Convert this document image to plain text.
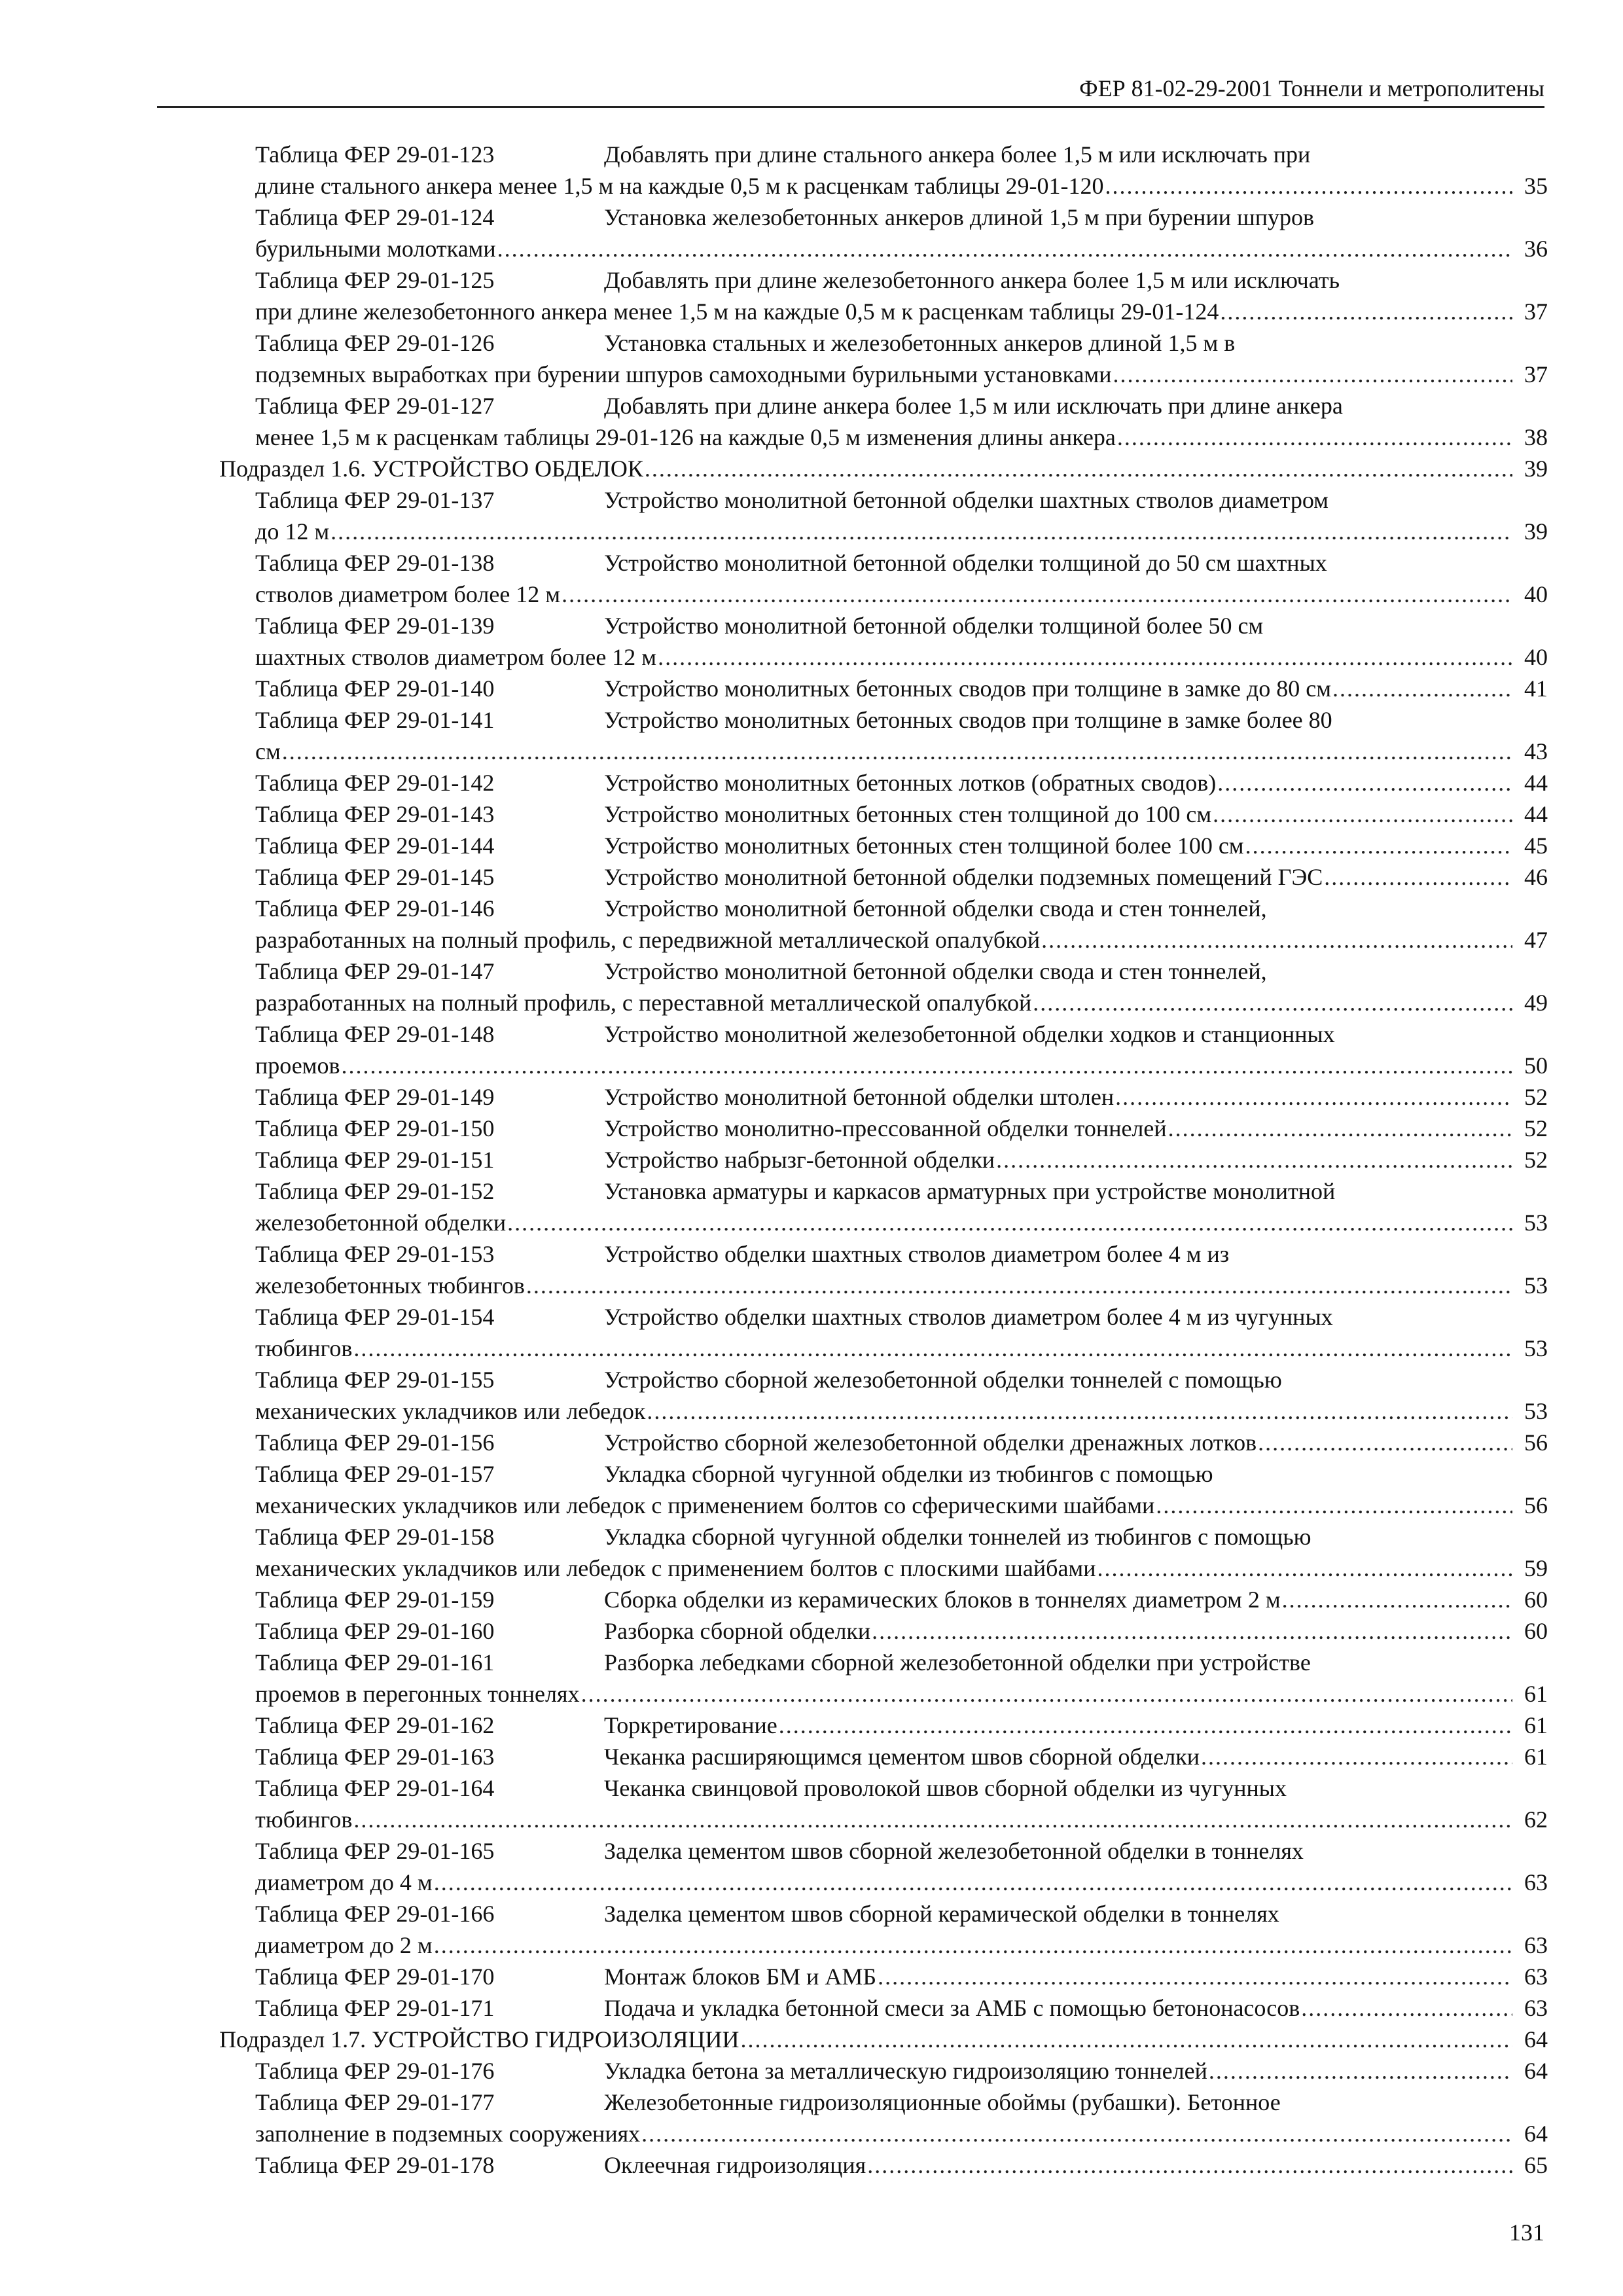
ФЕР 81-02-29-2001 Тоннели и метрополитены
Таблица ФЕР 29-01-123	Добавлять при длине стального анкера более 1,5 м или исключать при
длине стального анкера менее 1,5 м на каждые 0,5 м к расценкам таблицы 29-01-120 .....	35
Таблица ФЕР 29-01-124	Установка железобетонных анкеров длиной 1,5 м при бурении шпуров
бурильными молотками .....	36
Таблица ФЕР 29-01-125	Добавлять при длине железобетонного анкера более 1,5 м или исключать
при длине железобетонного анкера менее 1,5 м на каждые 0,5 м к расценкам таблицы 29-01-124 .....	37
Таблица ФЕР 29-01-126	Установка стальных и железобетонных анкеров длиной 1,5 м в
подземных выработках при бурении шпуров самоходными бурильными установками .....	37
Таблица ФЕР 29-01-127	Добавлять при длине анкера более 1,5 м или исключать при длине анкера
менее 1,5 м к расценкам таблицы 29-01-126 на каждые 0,5 м изменения длины анкера .....	38
Подраздел 1.6. УСТРОЙСТВО ОБДЕЛОК .....	39
Таблица ФЕР 29-01-137	Устройство монолитной бетонной обделки шахтных стволов диаметром
до 12 м .....	39
Таблица ФЕР 29-01-138	Устройство монолитной бетонной обделки толщиной до 50 см шахтных
стволов диаметром более 12 м .....	40
Таблица ФЕР 29-01-139	Устройство монолитной бетонной обделки толщиной более 50 см
шахтных стволов диаметром более 12 м .....	40
Таблица ФЕР 29-01-140	Устройство монолитных бетонных сводов при толщине в замке до 80 см .....	41
Таблица ФЕР 29-01-141	Устройство монолитных бетонных сводов при толщине в замке более 80
см .....	43
Таблица ФЕР 29-01-142	Устройство монолитных бетонных лотков (обратных сводов) .....	44
Таблица ФЕР 29-01-143	Устройство монолитных бетонных стен толщиной до 100 см .....	44
Таблица ФЕР 29-01-144	Устройство монолитных бетонных стен толщиной более 100 см .....	45
Таблица ФЕР 29-01-145	Устройство монолитной бетонной обделки подземных помещений ГЭС .....	46
Таблица ФЕР 29-01-146	Устройство монолитной бетонной обделки свода и стен тоннелей,
разработанных на полный профиль, с передвижной металлической опалубкой .....	47
Таблица ФЕР 29-01-147	Устройство монолитной бетонной обделки свода и стен тоннелей,
разработанных на полный профиль, с переставной металлической опалубкой .....	49
Таблица ФЕР 29-01-148	Устройство монолитной железобетонной обделки ходков и станционных
проемов .....	50
Таблица ФЕР 29-01-149	Устройство монолитной бетонной обделки штолен .....	52
Таблица ФЕР 29-01-150	Устройство монолитно-прессованной обделки тоннелей .....	52
Таблица ФЕР 29-01-151	Устройство набрызг-бетонной обделки .....	52
Таблица ФЕР 29-01-152	Установка арматуры и каркасов арматурных при устройстве монолитной
железобетонной обделки .....	53
Таблица ФЕР 29-01-153	Устройство обделки шахтных стволов диаметром более 4 м из
железобетонных тюбингов .....	53
Таблица ФЕР 29-01-154	Устройство обделки шахтных стволов диаметром более 4 м из чугунных
тюбингов .....	53
Таблица ФЕР 29-01-155	Устройство сборной железобетонной обделки тоннелей с помощью
механических укладчиков или лебедок .....	53
Таблица ФЕР 29-01-156	Устройство сборной железобетонной обделки дренажных лотков .....	56
Таблица ФЕР 29-01-157	Укладка сборной чугунной обделки из тюбингов с помощью
механических укладчиков или лебедок с применением болтов со сферическими шайбами .....	56
Таблица ФЕР 29-01-158	Укладка сборной чугунной обделки тоннелей из тюбингов с помощью
механических укладчиков или лебедок с применением болтов с плоскими шайбами .....	59
Таблица ФЕР 29-01-159	Сборка обделки из керамических блоков в тоннелях диаметром 2 м .....	60
Таблица ФЕР 29-01-160	Разборка сборной обделки .....	60
Таблица ФЕР 29-01-161	Разборка лебедками сборной железобетонной обделки при устройстве
проемов в перегонных тоннелях .....	61
Таблица ФЕР 29-01-162	Торкретирование .....	61
Таблица ФЕР 29-01-163	Чеканка расширяющимся цементом швов сборной обделки .....	61
Таблица ФЕР 29-01-164	Чеканка свинцовой проволокой швов сборной обделки из чугунных
тюбингов .....	62
Таблица ФЕР 29-01-165	Заделка цементом швов сборной железобетонной обделки в тоннелях
диаметром до 4 м .....	63
Таблица ФЕР 29-01-166	Заделка цементом швов сборной керамической обделки в тоннелях
диаметром до 2 м .....	63
Таблица ФЕР 29-01-170	Монтаж блоков БМ и АМБ .....	63
Таблица ФЕР 29-01-171	Подача и укладка бетонной смеси за АМБ с помощью бетононасосов .....	63
Подраздел 1.7. УСТРОЙСТВО ГИДРОИЗОЛЯЦИИ .....	64
Таблица ФЕР 29-01-176	Укладка бетона за металлическую гидроизоляцию тоннелей .....	64
Таблица ФЕР 29-01-177	Железобетонные гидроизоляционные обоймы (рубашки). Бетонное
заполнение в подземных сооружениях .....	64
Таблица ФЕР 29-01-178	Оклеечная гидроизоляция .....	65
131
